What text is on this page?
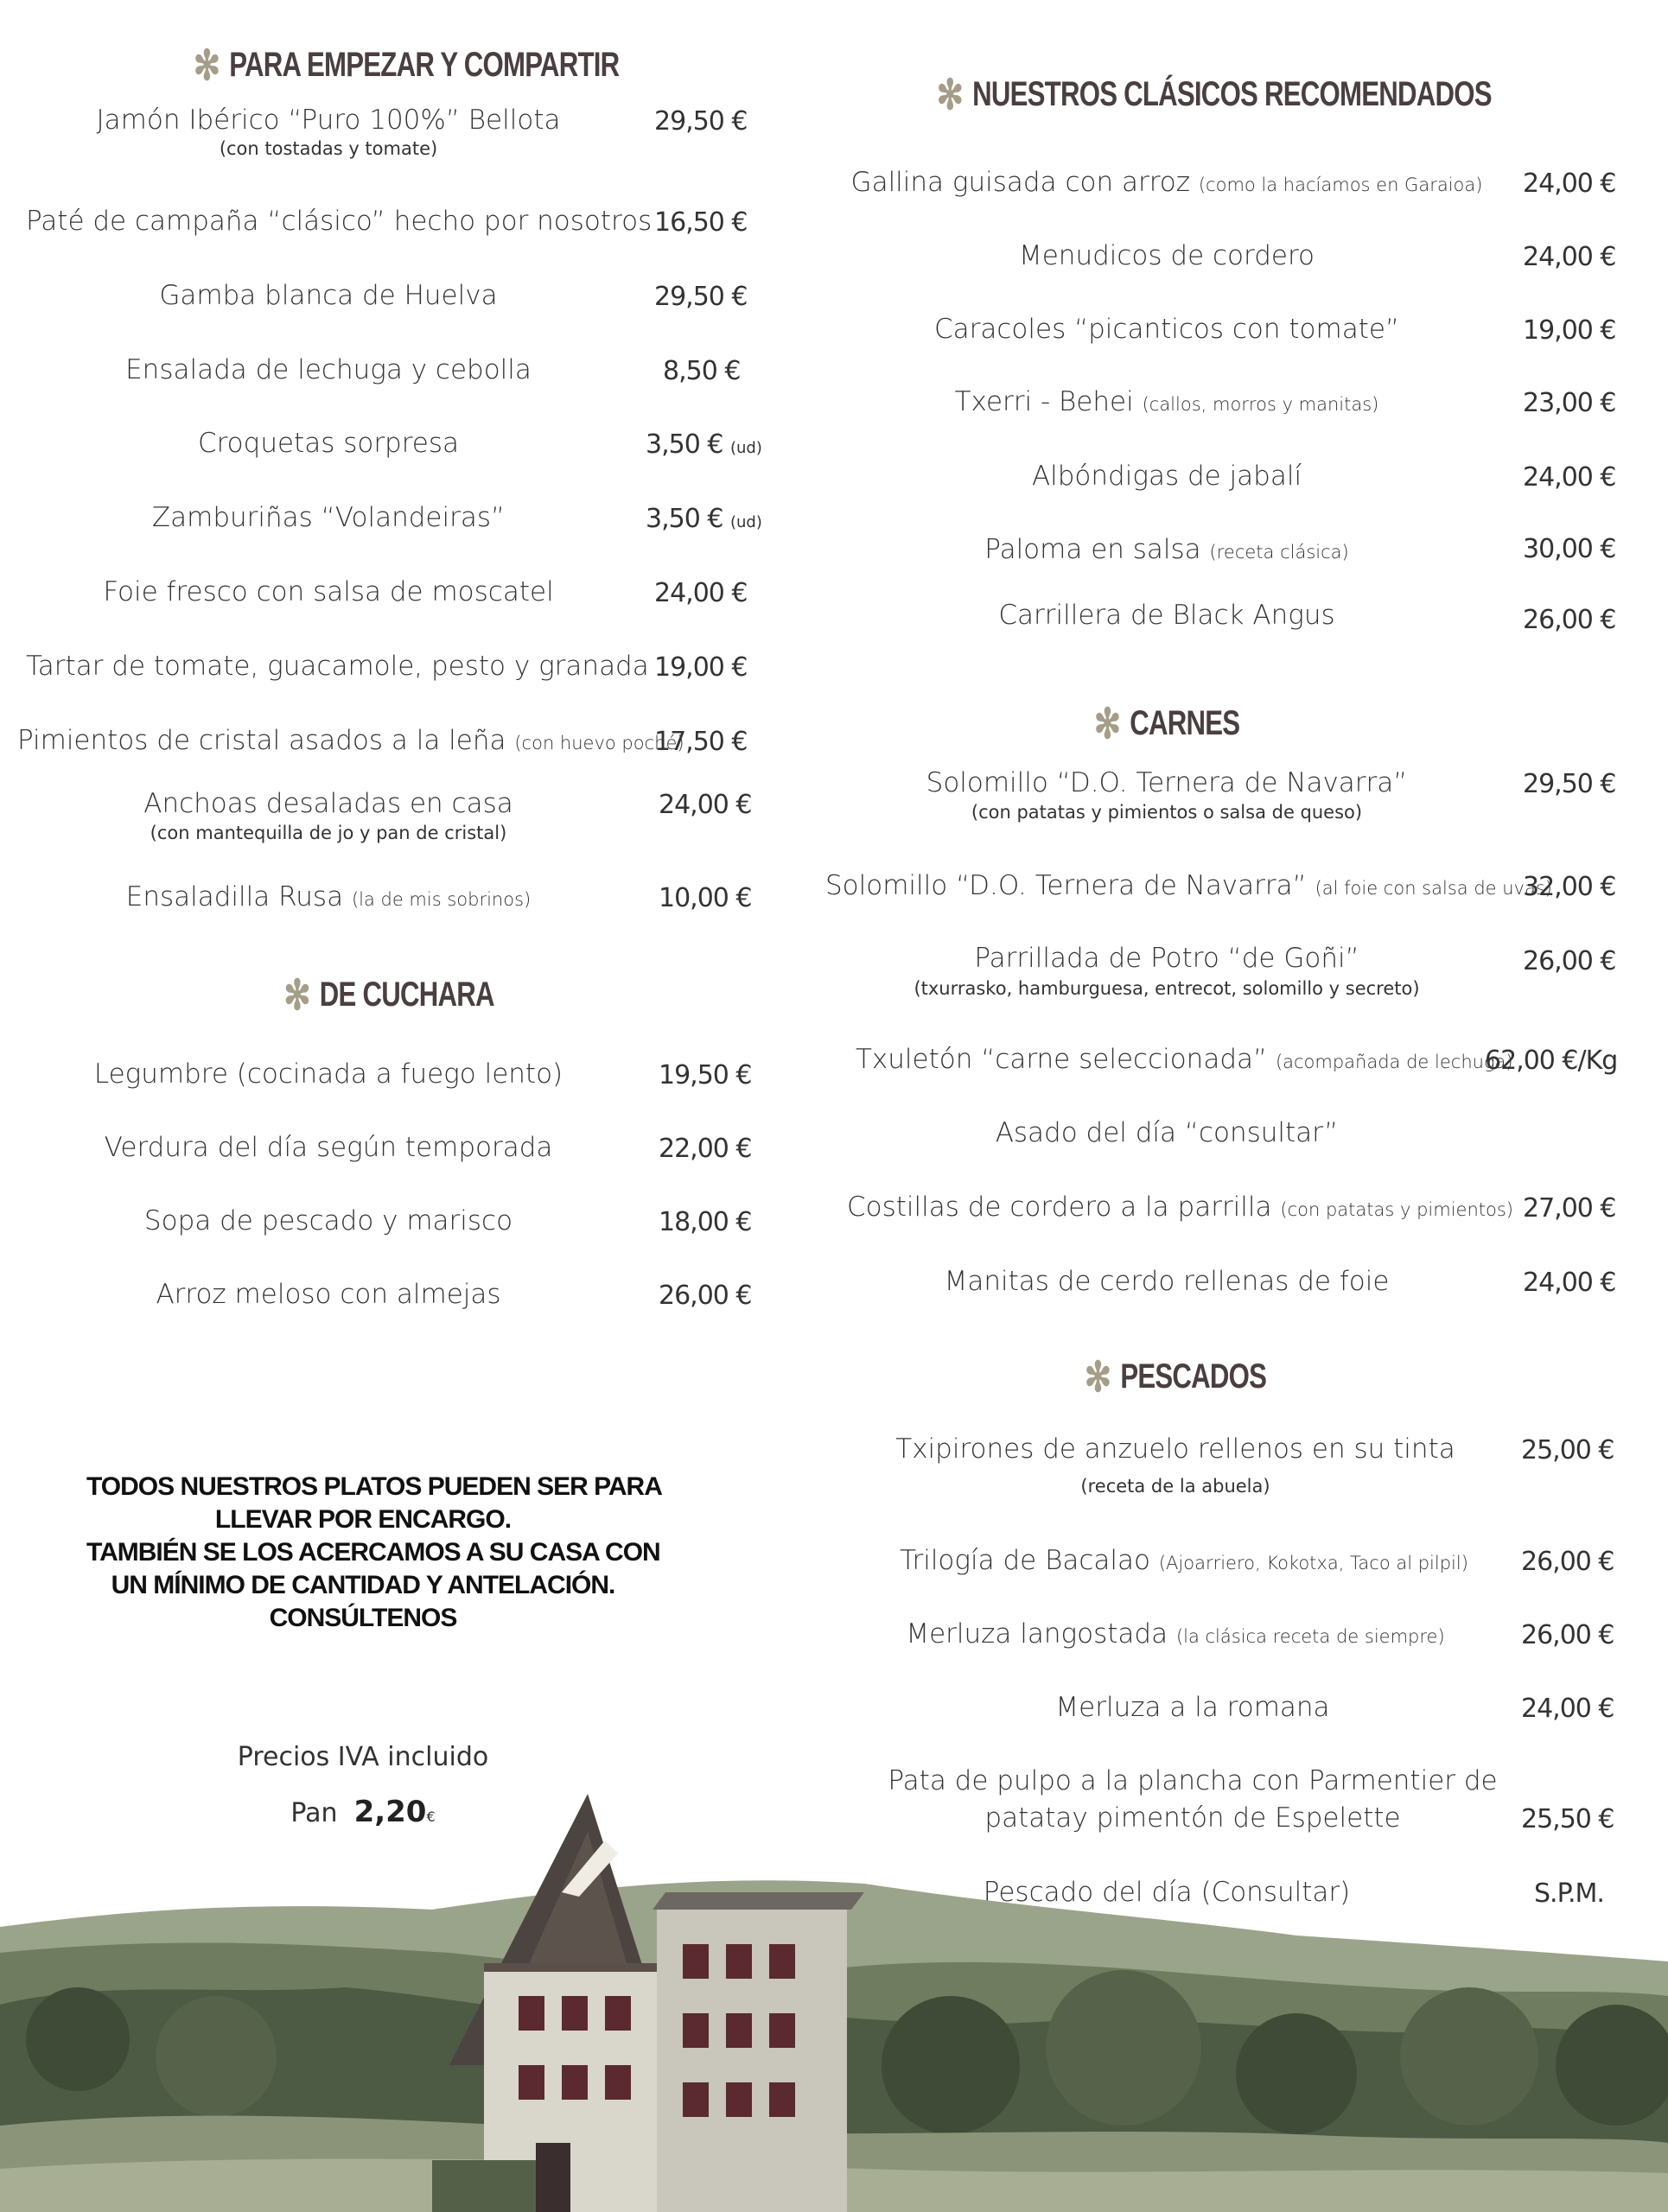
✻ PARA EMPEZAR Y COMPARTIR
Jamón Ibérico “Puro 100%” Bellota
(con tostadas y tomate)
29,50 €
Paté de campaña “clásico” hecho por nosotros 16,50 €
Gamba blanca de Huelva	29,50 €
Ensalada de lechuga y cebolla	8,50 €
Croquetas sorpresa	3,50 € (ud)
Zamburiñas “Volandeiras”	3,50 € (ud)
Foie fresco con salsa de moscatel	24,00 €
Tartar de tomate, guacamole, pesto y granada 19,00 €
Pimientos de cristal asados a la leña (con huevo poché)
17,50 €
Anchoas desaladas en casa
(con mantequilla de jo y pan de cristal)
24,00 €
Ensaladilla Rusa (la de mis sobrinos)	10,00 €
✻ DE CUCHARA
Legumbre (cocinada a fuego lento)	19,50 €
Verdura del día según temporada	22,00 €
Sopa de pescado y marisco	18,00 €
Arroz meloso con almejas	26,00 €
TODOS NUESTROS PLATOS PUEDEN SER PARA
LLEVAR POR ENCARGO.
TAMBIÉN SE LOS ACERCAMOS A SU CASA CON
UN MÍNIMO DE CANTIDAD Y ANTELACIÓN.
CONSÚLTENOS
Precios IVA incluido
Pan 2,20€
✻ NUESTROS CLÁSICOS RECOMENDADOS
Gallina guisada con arroz (como la hacíamos en Garaioa) 24,00 €
Menudicos de cordero	24,00 €
Caracoles “picanticos con tomate”	19,00 €
Txerri - Behei (callos, morros y manitas)	23,00 €
Albóndigas de jabalí	24,00 €
Paloma en salsa (receta clásica)	30,00 €
Carrillera de Black Angus	26,00 €
✻ CARNES
Solomillo “D.O. Ternera de Navarra”
(con patatas y pimientos o salsa de queso)
29,50 €
Solomillo “D.O. Ternera de Navarra” (al foie con salsa de uvas)
32,00 €
Parrillada de Potro “de Goñi”
(txurrasko, hamburguesa, entrecot, solomillo y secreto)
26,00 €
Txuletón “carne seleccionada” (acompañada de lechuga)
62,00 €/Kg
Asado del día “consultar”
Costillas de cordero a la parrilla (con patatas y pimientos) 27,00 €
Manitas de cerdo rellenas de foie	24,00 €
✻ PESCADOS
Txipirones de anzuelo rellenos en su tinta
(receta de la abuela)
25,00 €
Trilogía de Bacalao (Ajoarriero, Kokotxa, Taco al pilpil)	26,00 €
Merluza langostada (la clásica receta de siempre)	26,00 €
Merluza a la romana	24,00 €
Pata de pulpo a la plancha con Parmentier de
patatay pimentón de Espelette	25,50 €
Pescado del día (Consultar)	S.P.M.
